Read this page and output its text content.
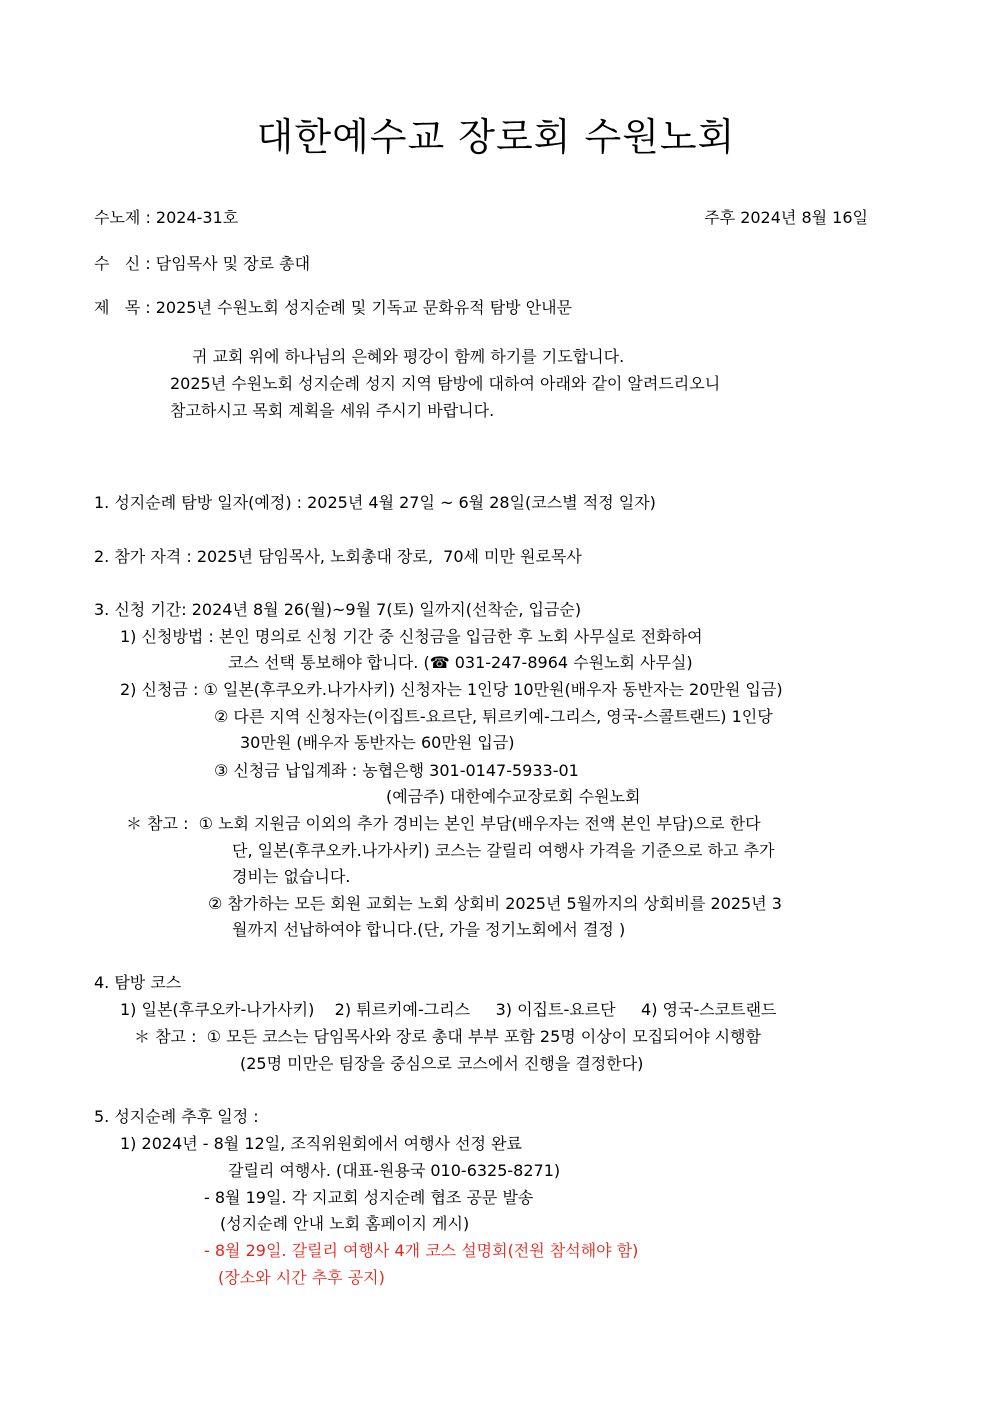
대한예수교 장로회 수원노회
수노제 : 2024-31호	주후 2024년 8월 16일
수   신 : 담임목사 및 장로 총대
제   목 : 2025년 수원노회 성지순례 및 기독교 문화유적 탐방 안내문
귀 교회 위에 하나님의 은혜와 평강이 함께 하기를 기도합니다.
2025년 수원노회 성지순례 성지 지역 탐방에 대하여 아래와 같이 알려드리오니
참고하시고 목회 계획을 세워 주시기 바랍니다.
1. 성지순례 탐방 일자(예정) : 2025년 4월 27일 ~ 6월 28일(코스별 적정 일자)
2. 참가 자격 : 2025년 담임목사, 노회총대 장로,  70세 미만 원로목사
3. 신청 기간: 2024년 8월 26(월)~9월 7(토) 일까지(선착순, 입금순)
1) 신청방법 : 본인 명의로 신청 기간 중 신청금을 입금한 후 노회 사무실로 전화하여
코스 선택 통보해야 합니다. (☎ 031-247-8964 수원노회 사무실)
2) 신청금 : ① 일본(후쿠오카.나가사키) 신청자는 1인당 10만원(배우자 동반자는 20만원 입금)
② 다른 지역 신청자는(이집트-요르단, 튀르키예-그리스, 영국-스콜트랜드) 1인당
30만원 (배우자 동반자는 60만원 입금)
③ 신청금 납입계좌 : 농협은행 301-0147-5933-01
(예금주) 대한예수교장로회 수원노회
＊ 참고 :  ① 노회 지원금 이외의 추가 경비는 본인 부담(배우자는 전액 본인 부담)으로 한다
단, 일본(후쿠오카.나가사키) 코스는 갈릴리 여행사 가격을 기준으로 하고 추가
경비는 없습니다.
② 참가하는 모든 회원 교회는 노회 상회비 2025년 5월까지의 상회비를 2025년 3
월까지 선납하여야 합니다.(단, 가을 정기노회에서 결정 )
4. 탐방 코스
1) 일본(후쿠오카-나가사키)    2) 튀르키예-그리스     3) 이집트-요르단     4) 영국-스코트랜드
＊ 참고 :  ① 모든 코스는 담임목사와 장로 총대 부부 포함 25명 이상이 모집되어야 시행함
(25명 미만은 팀장을 중심으로 코스에서 진행을 결정한다)
5. 성지순례 추후 일정 :
1) 2024년 - 8월 12일, 조직위원회에서 여행사 선정 완료
갈릴리 여행사. (대표-원용국 010-6325-8271)
- 8월 19일. 각 지교회 성지순례 협조 공문 발송
(성지순례 안내 노회 홈페이지 게시)
- 8월 29일. 갈릴리 여행사 4개 코스 설명회(전원 참석해야 함)
(장소와 시간 추후 공지)
